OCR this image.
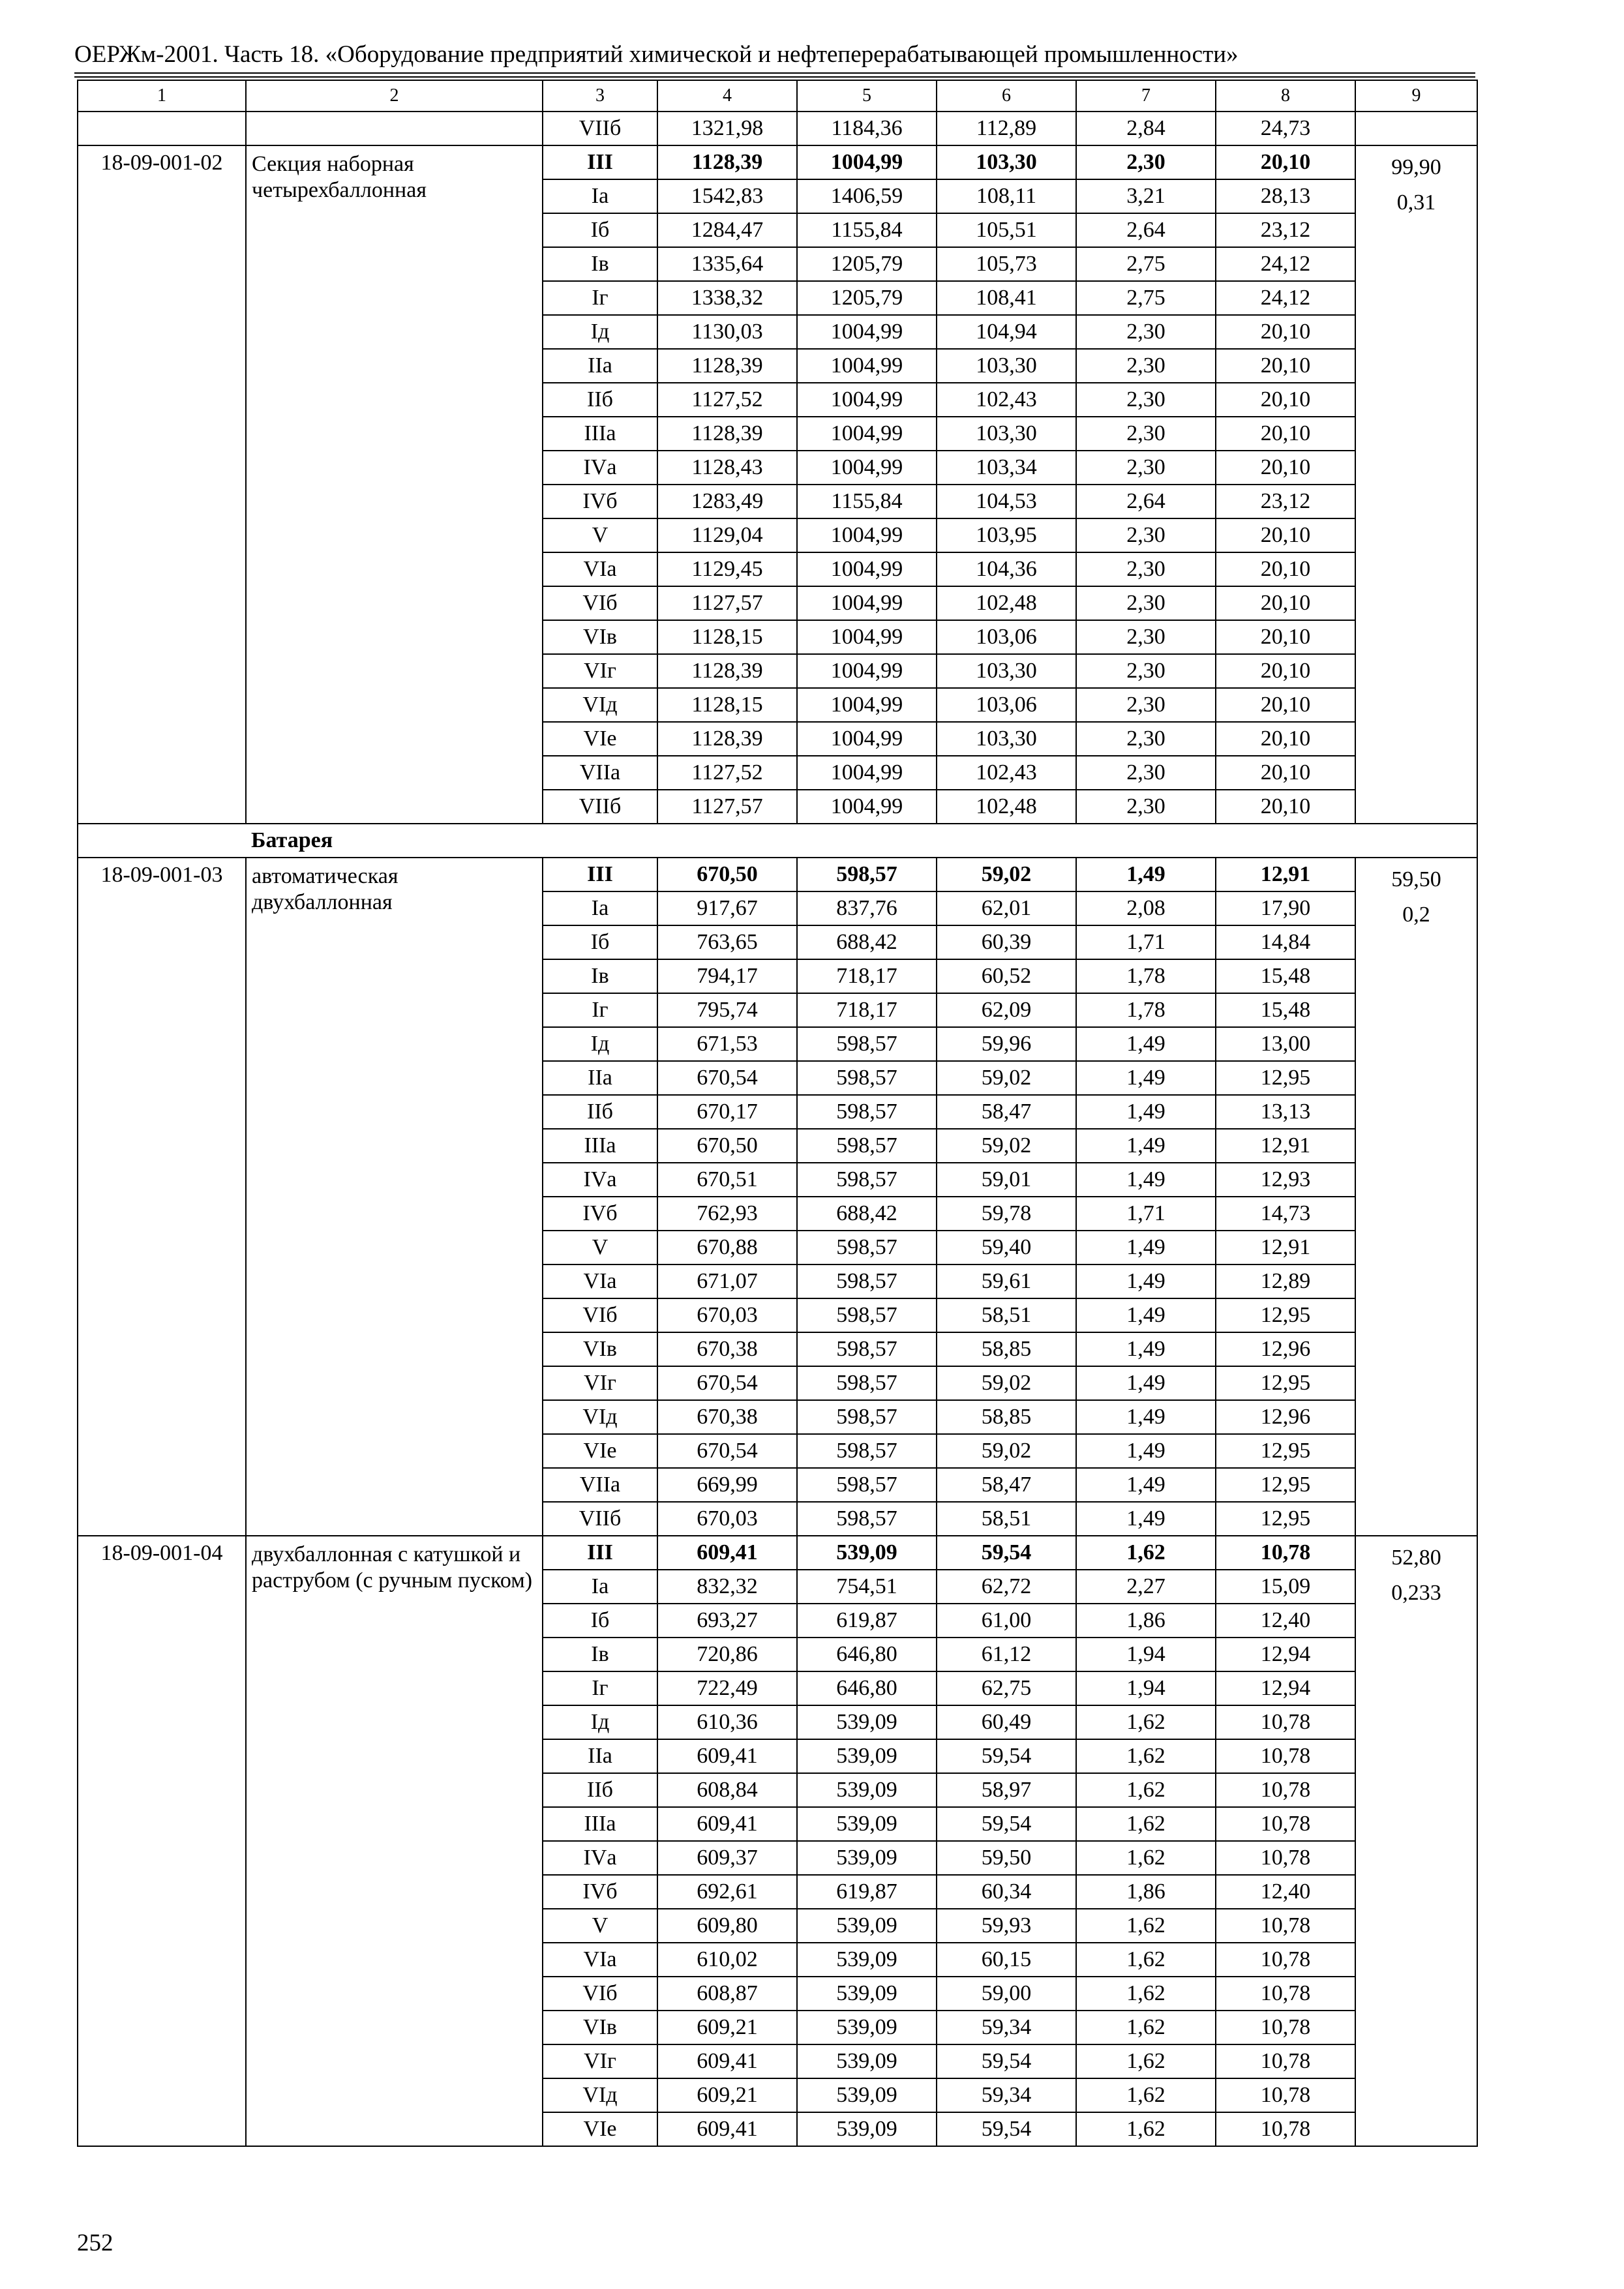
ОЕРЖм-2001. Часть 18. «Оборудование предприятий химической и нефтеперерабатывающей промышленности»
1	2	3	4	5	6	7	8	9
		VIIб	1321,98	1184,36	112,89	2,84	24,73	
18-09-001-02	Секция наборная четырехбаллонная	III	1128,39	1004,99	103,30	2,30	20,10	99,90
0,31

		Iа	1542,83	1406,59	108,11	3,21	28,13	
		Iб	1284,47	1155,84	105,51	2,64	23,12	
		Iв	1335,64	1205,79	105,73	2,75	24,12	
		Iг	1338,32	1205,79	108,41	2,75	24,12	
		Iд	1130,03	1004,99	104,94	2,30	20,10	
		IIа	1128,39	1004,99	103,30	2,30	20,10	
		IIб	1127,52	1004,99	102,43	2,30	20,10	
		IIIа	1128,39	1004,99	103,30	2,30	20,10	
		IVа	1128,43	1004,99	103,34	2,30	20,10	
		IVб	1283,49	1155,84	104,53	2,64	23,12	
		V	1129,04	1004,99	103,95	2,30	20,10	
		VIа	1129,45	1004,99	104,36	2,30	20,10	
		VIб	1127,57	1004,99	102,48	2,30	20,10	
		VIв	1128,15	1004,99	103,06	2,30	20,10	
		VIг	1128,39	1004,99	103,30	2,30	20,10	
		VIд	1128,15	1004,99	103,06	2,30	20,10	
		VIе	1128,39	1004,99	103,30	2,30	20,10	
		VIIа	1127,52	1004,99	102,43	2,30	20,10	
		VIIб	1127,57	1004,99	102,48	2,30	20,10	
	Батарея							
18-09-001-03	автоматическая двухбаллонная	III	670,50	598,57	59,02	1,49	12,91	59,50
0,2

		Iа	917,67	837,76	62,01	2,08	17,90	
		Iб	763,65	688,42	60,39	1,71	14,84	
		Iв	794,17	718,17	60,52	1,78	15,48	
		Iг	795,74	718,17	62,09	1,78	15,48	
		Iд	671,53	598,57	59,96	1,49	13,00	
		IIа	670,54	598,57	59,02	1,49	12,95	
		IIб	670,17	598,57	58,47	1,49	13,13	
		IIIа	670,50	598,57	59,02	1,49	12,91	
		IVа	670,51	598,57	59,01	1,49	12,93	
		IVб	762,93	688,42	59,78	1,71	14,73	
		V	670,88	598,57	59,40	1,49	12,91	
		VIа	671,07	598,57	59,61	1,49	12,89	
		VIб	670,03	598,57	58,51	1,49	12,95	
		VIв	670,38	598,57	58,85	1,49	12,96	
		VIг	670,54	598,57	59,02	1,49	12,95	
		VIд	670,38	598,57	58,85	1,49	12,96	
		VIе	670,54	598,57	59,02	1,49	12,95	
		VIIа	669,99	598,57	58,47	1,49	12,95	
		VIIб	670,03	598,57	58,51	1,49	12,95	
18-09-001-04	двухбаллонная с катушкой и раструбом (с ручным пуском)	III	609,41	539,09	59,54	1,62	10,78	52,80
0,233

		Iа	832,32	754,51	62,72	2,27	15,09	
		Iб	693,27	619,87	61,00	1,86	12,40	
		Iв	720,86	646,80	61,12	1,94	12,94	
		Iг	722,49	646,80	62,75	1,94	12,94	
		Iд	610,36	539,09	60,49	1,62	10,78	
		IIа	609,41	539,09	59,54	1,62	10,78	
		IIб	608,84	539,09	58,97	1,62	10,78	
		IIIа	609,41	539,09	59,54	1,62	10,78	
		IVа	609,37	539,09	59,50	1,62	10,78	
		IVб	692,61	619,87	60,34	1,86	12,40	
		V	609,80	539,09	59,93	1,62	10,78	
		VIа	610,02	539,09	60,15	1,62	10,78	
		VIб	608,87	539,09	59,00	1,62	10,78	
		VIв	609,21	539,09	59,34	1,62	10,78	
		VIг	609,41	539,09	59,54	1,62	10,78	
		VIд	609,21	539,09	59,34	1,62	10,78	
		VIе	609,41	539,09	59,54	1,62	10,78	
252
